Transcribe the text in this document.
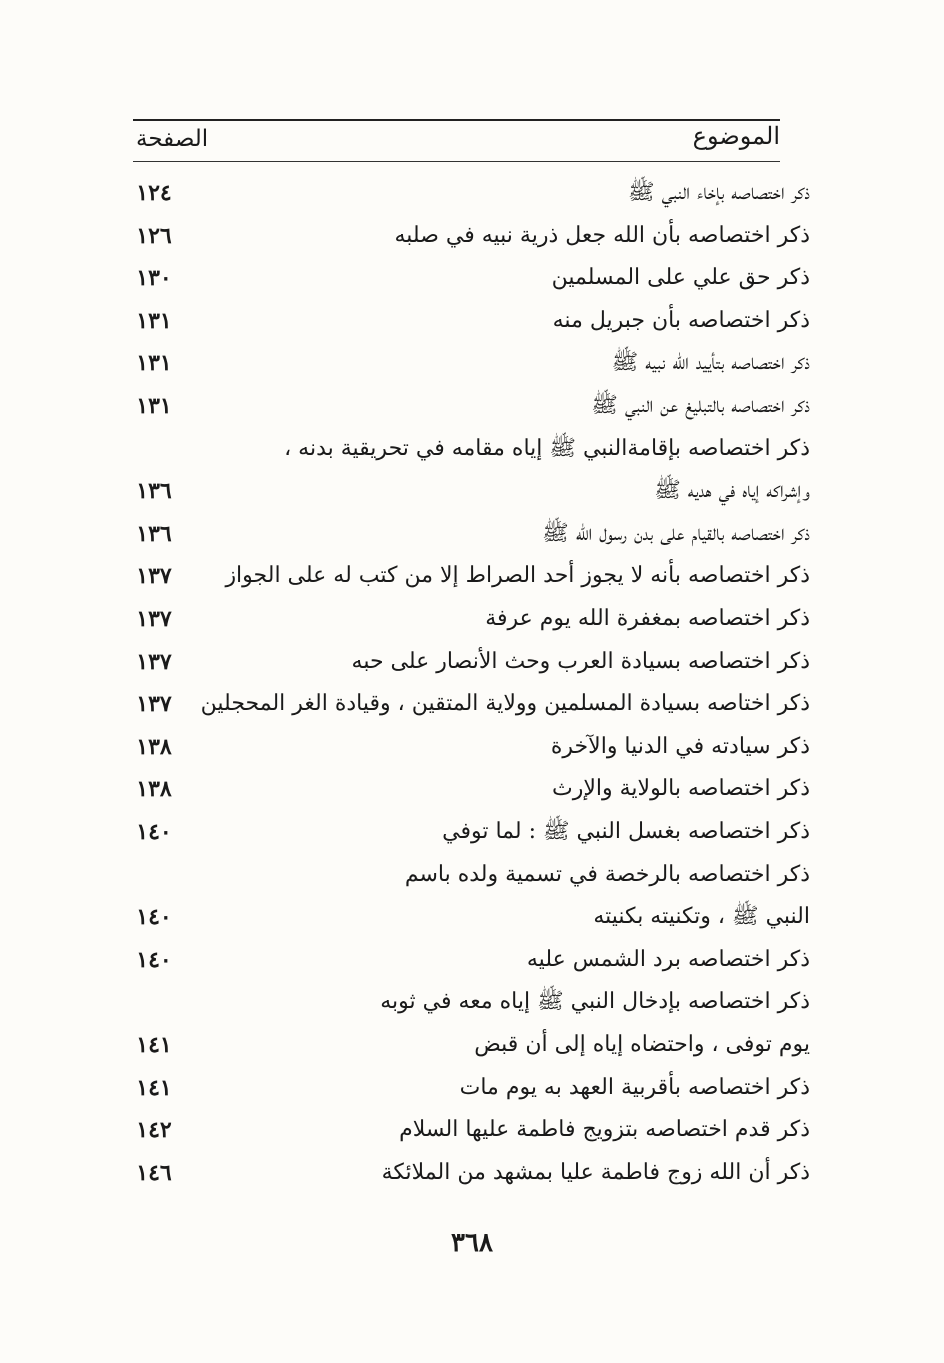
الموضوع
الصفحة
ذكر اختصاصه بإخاء النبي ﷺ
١٢٤
ذكر اختصاصه بأن الله جعل ذرية نبيه في صلبه
١٢٦
ذكر حق علي على المسلمين
١٣٠
ذكر اختصاصه بأن جبريل منه
١٣١
ذكر اختصاصه بتأييد الله نبيه ﷺ
١٣١
ذكر اختصاصه بالتبليغ عن النبي ﷺ
١٣١
ذكر اختصاصه بإقامةالنبي ﷺ إياه مقامه في تحريقية بدنه ،
وإشراكه إياه في هديه ﷺ
١٣٦
ذكر اختصاصه بالقيام على بدن رسول الله ﷺ
١٣٦
ذكر اختصاصه بأنه لا يجوز أحد الصراط إلا من كتب له على الجواز
١٣٧
ذكر اختصاصه بمغفرة الله يوم عرفة
١٣٧
ذكر اختصاصه بسيادة العرب وحث الأنصار على حبه
١٣٧
ذكر اختاصه بسيادة المسلمين وولاية المتقين ، وقيادة الغر المحجلين
١٣٧
ذكر سيادته في الدنيا والآخرة
١٣٨
ذكر اختصاصه بالولاية والإرث
١٣٨
ذكر اختصاصه بغسل النبي ﷺ : لما توفي
١٤٠
ذكر اختصاصه بالرخصة في تسمية ولده باسم
النبي ﷺ ، وتكنيته بكنيته
١٤٠
ذكر اختصاصه برد الشمس عليه
١٤٠
ذكر اختصاصه بإدخال النبي ﷺ إياه معه في ثوبه
يوم توفى ، واحتضاه إياه إلى أن قبض
١٤١
ذكر اختصاصه بأقربية العهد به يوم مات
١٤١
ذكر قدم اختصاصه بتزويج فاطمة عليها السلام
١٤٢
ذكر أن الله زوج فاطمة عليا بمشهد من الملائكة
١٤٦
٣٦٨
